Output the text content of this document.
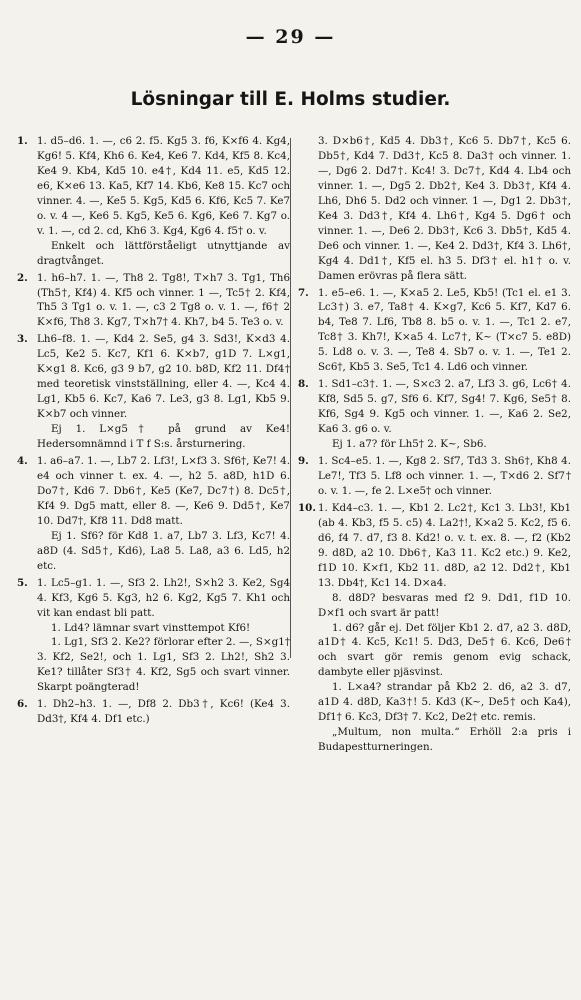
— 29 —
Lösningar till E. Holms studier.
1. 1. d5–d6. 1. —, c6 2. f5. Kg5 3. f6, K×f6 4. Kg4, Kg6! 5. Kf4, Kh6 6. Ke4, Ke6 7. Kd4, Kf5 8. Kc4, Ke4 9. Kb4, Kd5 10. e4†, Kd4 11. e5, Kd5 12. e6, K×e6 13. Ka5, Kf7 14. Kb6, Ke8 15. Kc7 och vinner. 4. —, Ke5 5. Kg5, Kd5 6. Kf6, Kc5 7. Ke7 o. v. 4 —, Ke6 5. Kg5, Ke5 6. Kg6, Ke6 7. Kg7 o. v. 1. —, cd 2. cd, Kh6 3. Kg4, Kg6 4. f5† o. v.

Enkelt och lättförståeligt utnyttjande av dragtvånget.

2. 1. h6–h7. 1. —, Th8 2. Tg8!, T×h7 3. Tg1, Th6 (Th5†, Kf4) 4. Kf5 och vinner. 1 —, Tc5† 2. Kf4, Th5 3 Tg1 o. v. 1. —, c3 2 Tg8 o. v. 1. —, f6† 2 K×f6, Th8 3. Kg7, T×h7† 4. Kh7, b4 5. Te3 o. v.

3. Lh6–f8. 1. —, Kd4 2. Se5, g4 3. Sd3!, K×d3 4. Lc5, Ke2 5. Kc7, Kf1 6. K×b7, g1D 7. L×g1, K×g1 8. Kc6, g3 9 b7, g2 10. b8D, Kf2 11. Df4† med teoretisk vinstställning, eller 4. —, Kc4 4. Lg1, Kb5 6. Kc7, Ka6 7. Le3, g3 8. Lg1, Kb5 9. K×b7 och vinner.

Ej 1. L×g5† på grund av Ke4! Hedersomnämnd i T f S:s. årsturnering.

4. 1. a6–a7. 1. —, Lb7 2. Lf3!, L×f3 3. Sf6†, Ke7! 4. e4 och vinner t. ex. 4. —, h2 5. a8D, h1D 6. Do7†, Kd6 7. Db6†, Ke5 (Ke7, Dc7†) 8. Dc5†, Kf4 9. Dg5 matt, eller 8. —, Ke6 9. Dd5†, Ke7 10. Dd7†, Kf8 11. Dd8 matt.

Ej 1. Sf6? för Kd8 1. a7, Lb7 3. Lf3, Kc7! 4. a8D (4. Sd5†, Kd6), La8 5. La8, a3 6. Ld5, h2 etc.

5. 1. Lc5–g1. 1. —, Sf3 2. Lh2!, S×h2 3. Ke2, Sg4 4. Kf3, Kg6 5. Kg3, h2 6. Kg2, Kg5 7. Kh1 och vit kan endast bli patt.

1. Ld4? lämnar svart vinsttempot Kf6!

1. Lg1, Sf3 2. Ke2? förlorar efter 2. —, S×g1† 3. Kf2, Se2!, och 1. Lg1, Sf3 2. Lh2!, Sh2 3. Ke1? tillåter Sf3† 4. Kf2, Sg5 och svart vinner. Skarpt poängterad!

6. 1. Dh2–h3. 1. —, Df8 2. Db3†, Kc6! (Ke4 3. Dd3†, Kf4 4. Df1 etc.)

3. D×b6†, Kd5 4. Db3†, Kc6 5. Db7†, Kc5 6. Db5†, Kd4 7. Dd3†, Kc5 8. Da3† och vinner. 1. —, Dg6 2. Dd7†. Kc4! 3. Dc7†, Kd4 4. Lb4 och vinner. 1. —, Dg5 2. Db2†, Ke4 3. Db3†, Kf4 4. Lh6, Dh6 5. Dd2 och vinner. 1 —, Dg1 2. Db3†, Ke4 3. Dd3†, Kf4 4. Lh6†, Kg4 5. Dg6† och vinner. 1. —, De6 2. Db3†, Kc6 3. Db5†, Kd5 4. De6 och vinner. 1. —, Ke4 2. Dd3†, Kf4 3. Lh6†, Kg4 4. Dd1†, Kf5 el. h3 5. Df3† el. h1† o. v. Damen erövras på flera sätt.

7. 1. e5–e6. 1. —, K×a5 2. Le5, Kb5! (Tc1 el. e1 3. Lc3†) 3. e7, Ta8† 4. K×g7, Kc6 5. Kf7, Kd7 6. b4, Te8 7. Lf6, Tb8 8. b5 o. v. 1. —, Tc1 2. e7, Tc8† 3. Kh7!, K×a5 4. Lc7†, K~ (T×c7 5. e8D) 5. Ld8 o. v. 3. —, Te8 4. Sb7 o. v. 1. —, Te1 2. Sc6†, Kb5 3. Se5, Tc1 4. Ld6 och vinner.

8. 1. Sd1–c3†. 1. —, S×c3 2. a7, Lf3 3. g6, Lc6† 4. Kf8, Sd5 5. g7, Sf6 6. Kf7, Sg4! 7. Kg6, Se5† 8. Kf6, Sg4 9. Kg5 och vinner. 1. —, Ka6 2. Se2, Ka6 3. g6 o. v.

Ej 1. a7? för Lh5† 2. K~, Sb6.

9. 1. Sc4–e5. 1. —, Kg8 2. Sf7, Td3 3. Sh6†, Kh8 4. Le7!, Tf3 5. Lf8 och vinner. 1. —, T×d6 2. Sf7† o. v. 1. —, fe 2. L×e5† och vinner.

10. 1. Kd4–c3. 1. —, Kb1 2. Lc2†, Kc1 3. Lb3!, Kb1 (ab 4. Kb3, f5 5. c5) 4. La2†!, K×a2 5. Kc2, f5 6. d6, f4 7. d7, f3 8. Kd2! o. v. t. ex. 8. —, f2 (Kb2 9. d8D, a2 10. Db6†, Ka3 11. Kc2 etc.) 9. Ke2, f1D 10. K×f1, Kb2 11. d8D, a2 12. Dd2†, Kb1 13. Db4†, Kc1 14. D×a4.

8. d8D? besvaras med f2 9. Dd1, f1D 10. D×f1 och svart är patt!

1. d6? går ej. Det följer Kb1 2. d7, a2 3. d8D, a1D† 4. Kc5, Kc1! 5. Dd3, De5† 6. Kc6, De6† och svart gör remis genom evig schack, dambyte eller pjäsvinst.

1. L×a4? strandar på Kb2 2. d6, a2 3. d7, a1D 4. d8D, Ka3†! 5. Kd3 (K~, De5† och Ka4), Df1† 6. Kc3, Df3† 7. Kc2, De2† etc. remis.

„Multum, non multa.“ Erhöll 2:a pris i Budapestturneringen.
